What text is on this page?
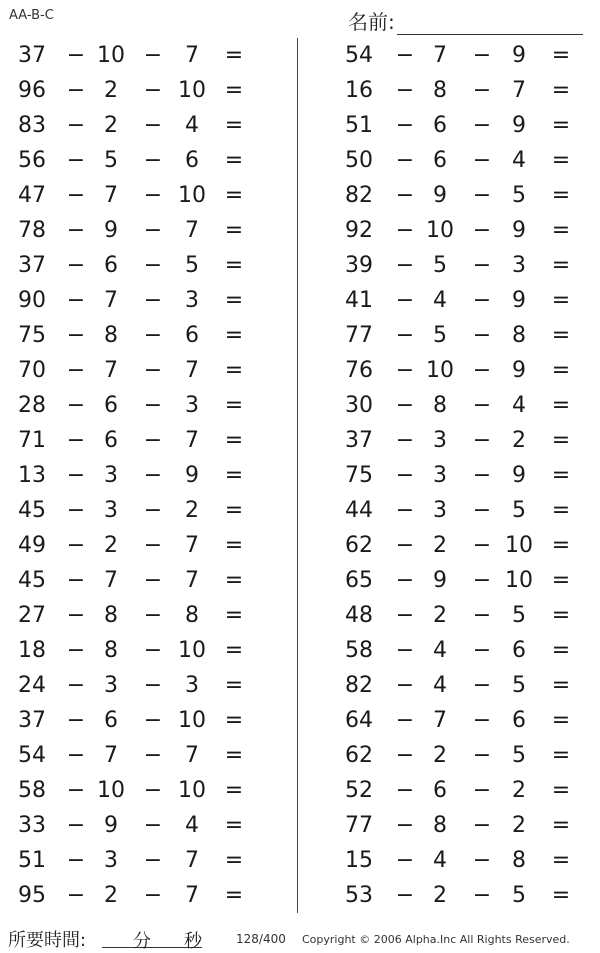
AA-B-C	名前:
37 − 10 −	7	=
96 − 2	− 10 =
83 − 2	−	4	=
56 − 5	−	6	=
47 − 7	− 10 =
78 − 9	−	7	=
37 − 6	−	5	=
90 − 7	−	3	=
75 − 8	−	6	=
70 − 7	−	7	=
28 − 6	−	3	=
71 − 6	−	7	=
13 − 3	−	9	=
45 − 3	−	2	=
49 − 2	−	7	=
45 − 7	−	7	=
27 − 8	−	8	=
18 − 8	− 10 =
24 − 3	−	3	=
37 − 6	− 10 =
54 − 7	−	7	=
58 − 10 − 10 =
33 − 9	−	4	=
51 − 3	−	7	=
95 − 2	−	7	=
54 − 7	− 9	=
16 − 8	− 7	=
51 − 6	− 9	=
50 − 6	− 4	=
82 − 9	− 5	=
92 − 10 − 9	=
39 − 5	− 3	=
41 − 4	− 9	=
77 − 5	− 8	=
76 − 10 − 9	=
30 − 8	− 4	=
37 − 3	− 2	=
75 − 3	− 9	=
44 − 3	− 5	=
62 − 2	− 10 =
65 − 9	− 10 =
48 − 2	− 5	=
58 − 4	− 6	=
82 − 4	− 5	=
64 − 7	− 6	=
62 − 2	− 5	=
52 − 6	− 2	=
77 − 8	− 2	=
15 − 4	− 8	=
53 − 2	− 5	=
所要時間:	分 秒	128/400 Copyright © 2006 Alpha.Inc All Rights Reserved.
